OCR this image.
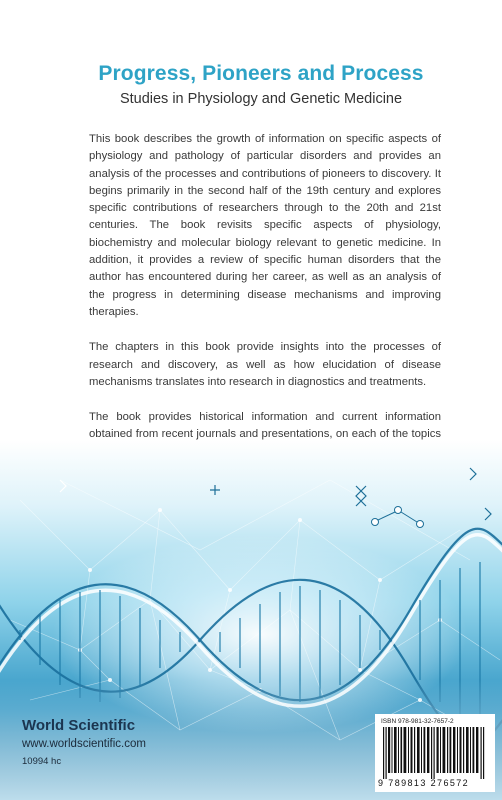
Progress, Pioneers and Process
Studies in Physiology and Genetic Medicine

This book describes the growth of information on specific aspects of physiology and pathology of particular disorders and provides an analysis of the processes and contributions of pioneers to discovery. It begins primarily in the second half of the 19th century and explores specific contributions of researchers through to the 20th and 21st centuries. The book revisits specific aspects of physiology, biochemistry and molecular biology relevant to genetic medicine. In addition, it provides a review of specific human disorders that the author has encountered during her career, as well as an analysis of the progress in determining disease mechanisms and improving therapies.

The chapters in this book provide insights into the processes of research and discovery, as well as how elucidation of disease mechanisms translates into research in diagnostics and treatments.

The book provides historical information and current information obtained from recent journals and presentations, on each of the topics

World Scientific
www.worldscientific.com
10994 hc
ISBN 978-981-32-7657-2
9 789813 276572
